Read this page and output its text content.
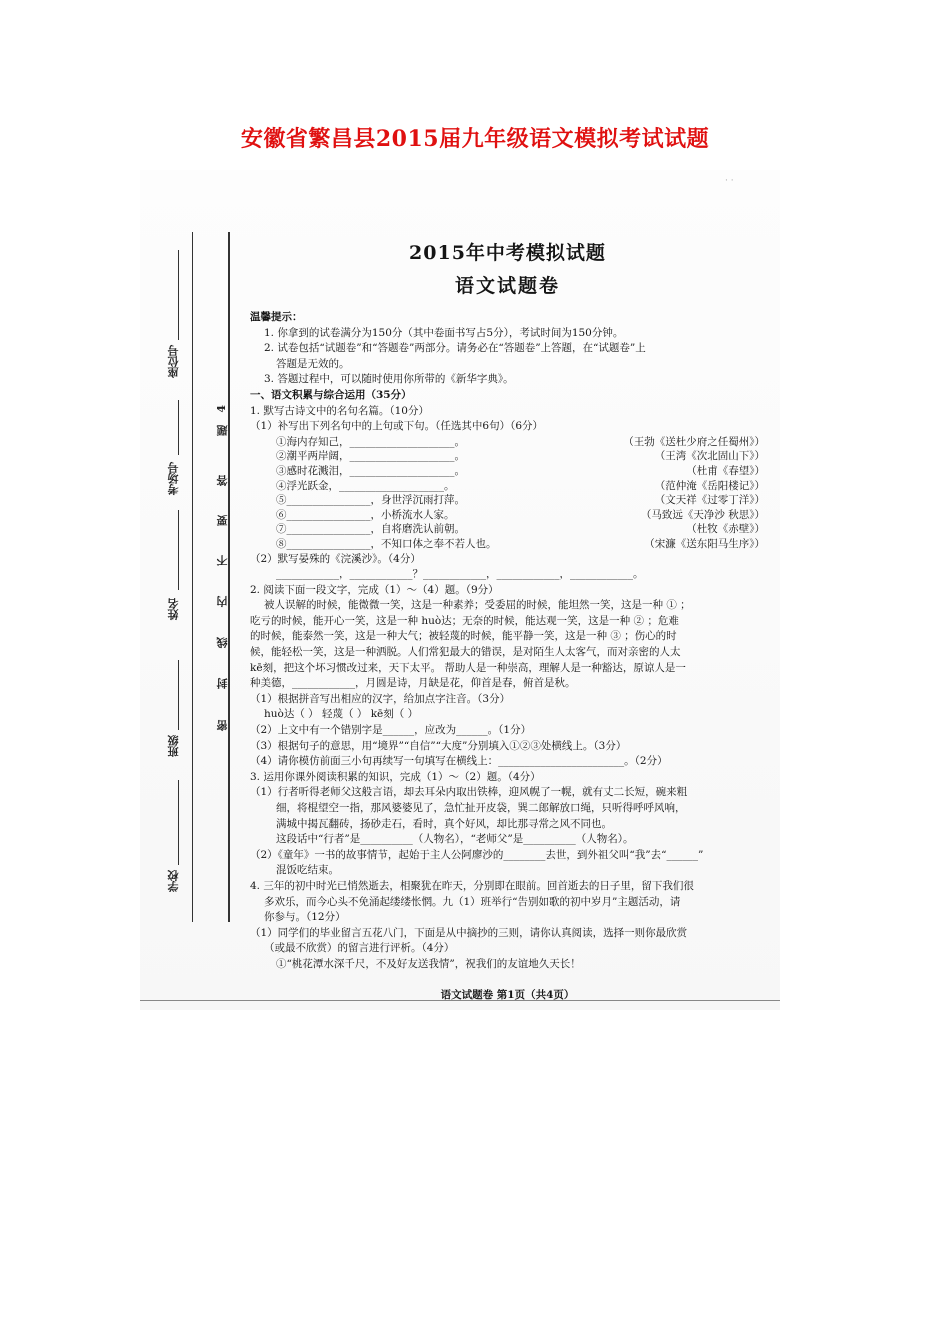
安徽省繁昌县2015届九年级语文模拟考试试题
· ·
座位号
考场号
姓名
班级
学校
题
4
答
要
不
内
线
封
密
2015年中考模拟试题
语文试题卷
温馨提示：
1. 你拿到的试卷满分为150分（其中卷面书写占5分），考试时间为150分钟。
2. 试卷包括“试题卷”和“答题卷”两部分。请务必在“答题卷”上答题，在“试题卷”上
答题是无效的。
3. 答题过程中，可以随时使用你所带的《新华字典》。
一、语文积累与综合运用（35分）
1. 默写古诗文中的名句名篇。（10分）
（1）补写出下列名句中的上句或下句。（任选其中6句）（6分）
①海内存知己，____________________。	（王勃《送杜少府之任蜀州》）
②潮平两岸阔，____________________。	（王湾《次北固山下》）
③感时花溅泪，____________________。	（杜甫《春望》）
④浮光跃金，____________________。	（范仲淹《岳阳楼记》）
⑤________________，身世浮沉雨打萍。	（文天祥《过零丁洋》）
⑥________________，小桥流水人家。	（马致远《天净沙 秋思》）
⑦________________，自将磨洗认前朝。	（杜牧《赤壁》）
⑧________________，不知口体之奉不若人也。	（宋濂《送东阳马生序》）
（2）默写晏殊的《浣溪沙》。（4分）
____________，____________？____________，____________，____________。
2. 阅读下面一段文字，完成（1）～（4）题。（9分）
被人误解的时候，能微微一笑，这是一种素养；受委屈的时候，能坦然一笑，这是一种 ① ；
吃亏的时候，能开心一笑，这是一种 huò达；无奈的时候，能达观一笑，这是一种 ② ；危难
的时候，能泰然一笑，这是一种大气；被轻蔑的时候，能平静一笑，这是一种 ③ ；伤心的时
候，能轻松一笑，这是一种洒脱。人们常犯最大的错误，是对陌生人太客气，而对亲密的人太
kē刻，把这个坏习惯改过来，天下太平。 帮助人是一种崇高，理解人是一种豁达，原谅人是一
种美德，____________，月圆是诗，月缺是花，仰首是春，俯首是秋。
（1）根据拼音写出相应的汉字，给加点字注音。（3分）
huò达（ ） 轻蔑（ ） kē刻（ ）
（2）上文中有一个错别字是______，应改为______。（1分）
（3）根据句子的意思，用“境界”“自信”“大度”分别填入①②③处横线上。（3分）
（4）请你模仿前面三小句再续写一句填写在横线上：________________________。（2分）
3. 运用你课外阅读积累的知识，完成（1）～（2）题。（4分）
（1）行者听得老师父这般言语，却去耳朵内取出铁棒，迎风幌了一幌，就有丈二长短，碗来粗
细，将棍望空一指，那风婆婆见了，急忙扯开皮袋，巽二郎解放口绳，只听得呼呼风响，
满城中揭瓦翻砖，扬砂走石，看时，真个好风，却比那寻常之风不同也。
这段话中“行者”是__________（人物名），“老师父”是__________（人物名）。
（2）《童年》一书的故事情节，起始于主人公阿廖沙的________去世，到外祖父叫“我”去“______”
混饭吃结束。
4. 三年的初中时光已悄然逝去，相聚犹在昨天，分别即在眼前。回首逝去的日子里，留下我们很
多欢乐，而今心头不免涌起缕缕怅惘。九（1）班举行“告别如歌的初中岁月”主题活动，请
你参与。（12分）
（1）同学们的毕业留言五花八门，下面是从中摘抄的三则，请你认真阅读，选择一则你最欣赏
（或最不欣赏）的留言进行评析。（4分）
①“桃花潭水深千尺，不及好友送我情”，祝我们的友谊地久天长！
语文试题卷 第1页（共4页）
